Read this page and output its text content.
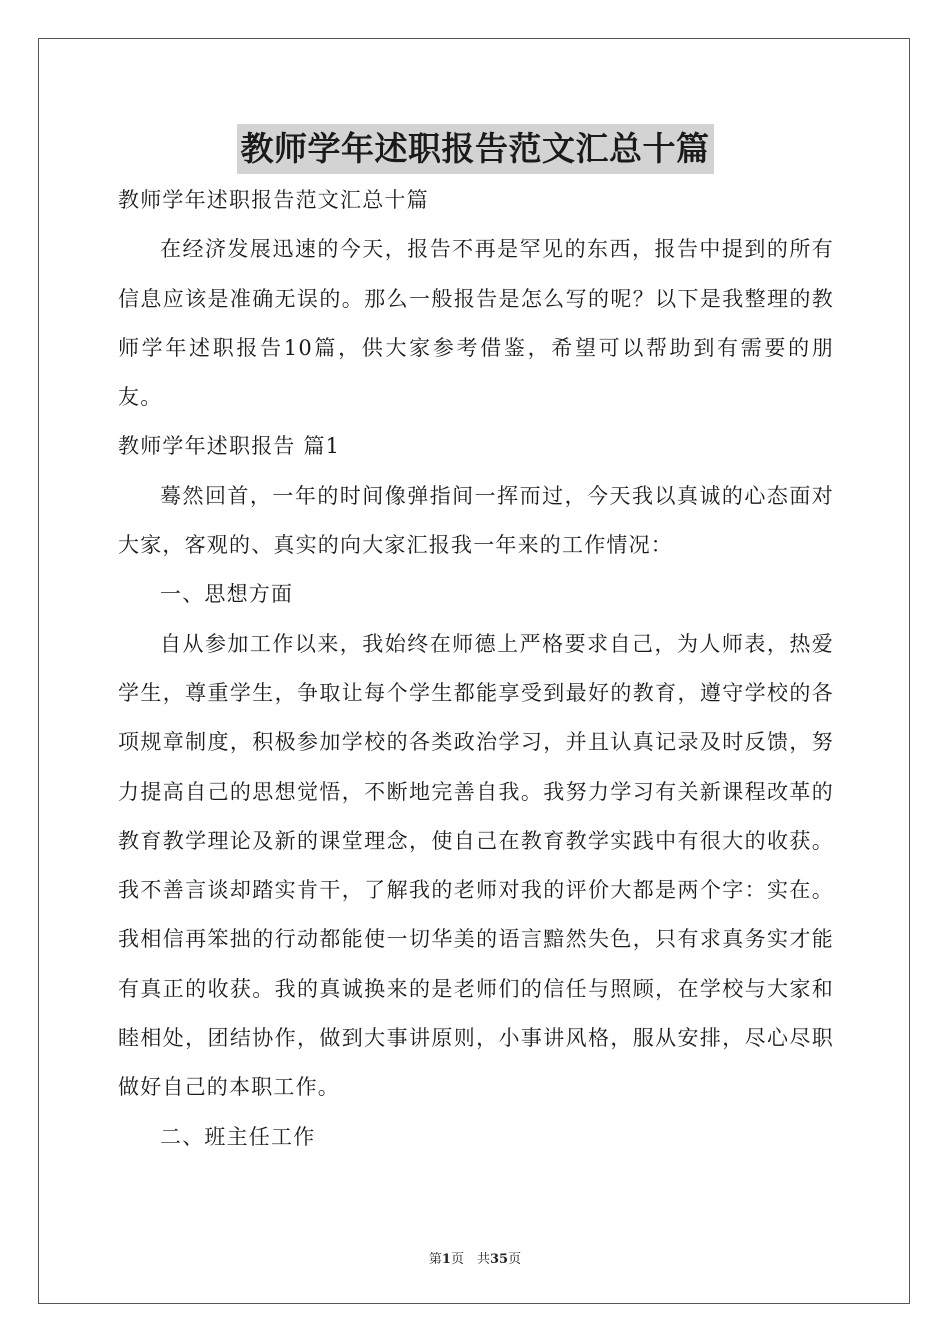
教师学年述职报告范文汇总十篇

教师学年述职报告范文汇总十篇

在经济发展迅速的今天，报告不再是罕见的东西，报告中提到的所有信息应该是准确无误的。那么一般报告是怎么写的呢？以下是我整理的教师学年述职报告10篇，供大家参考借鉴，希望可以帮助到有需要的朋友。

教师学年述职报告 篇1

蓦然回首，一年的时间像弹指间一挥而过，今天我以真诚的心态面对大家，客观的、真实的向大家汇报我一年来的工作情况：

一、思想方面

自从参加工作以来，我始终在师德上严格要求自己，为人师表，热爱学生，尊重学生，争取让每个学生都能享受到最好的教育，遵守学校的各项规章制度，积极参加学校的各类政治学习，并且认真记录及时反馈，努力提高自己的思想觉悟，不断地完善自我。我努力学习有关新课程改革的教育教学理论及新的课堂理念，使自己在教育教学实践中有很大的收获。我不善言谈却踏实肯干，了解我的老师对我的评价大都是两个字：实在。我相信再笨拙的行动都能使一切华美的语言黯然失色，只有求真务实才能有真正的收获。我的真诚换来的是老师们的信任与照顾，在学校与大家和睦相处，团结协作，做到大事讲原则，小事讲风格，服从安排，尽心尽职做好自己的本职工作。

二、班主任工作

第1页　共35页
